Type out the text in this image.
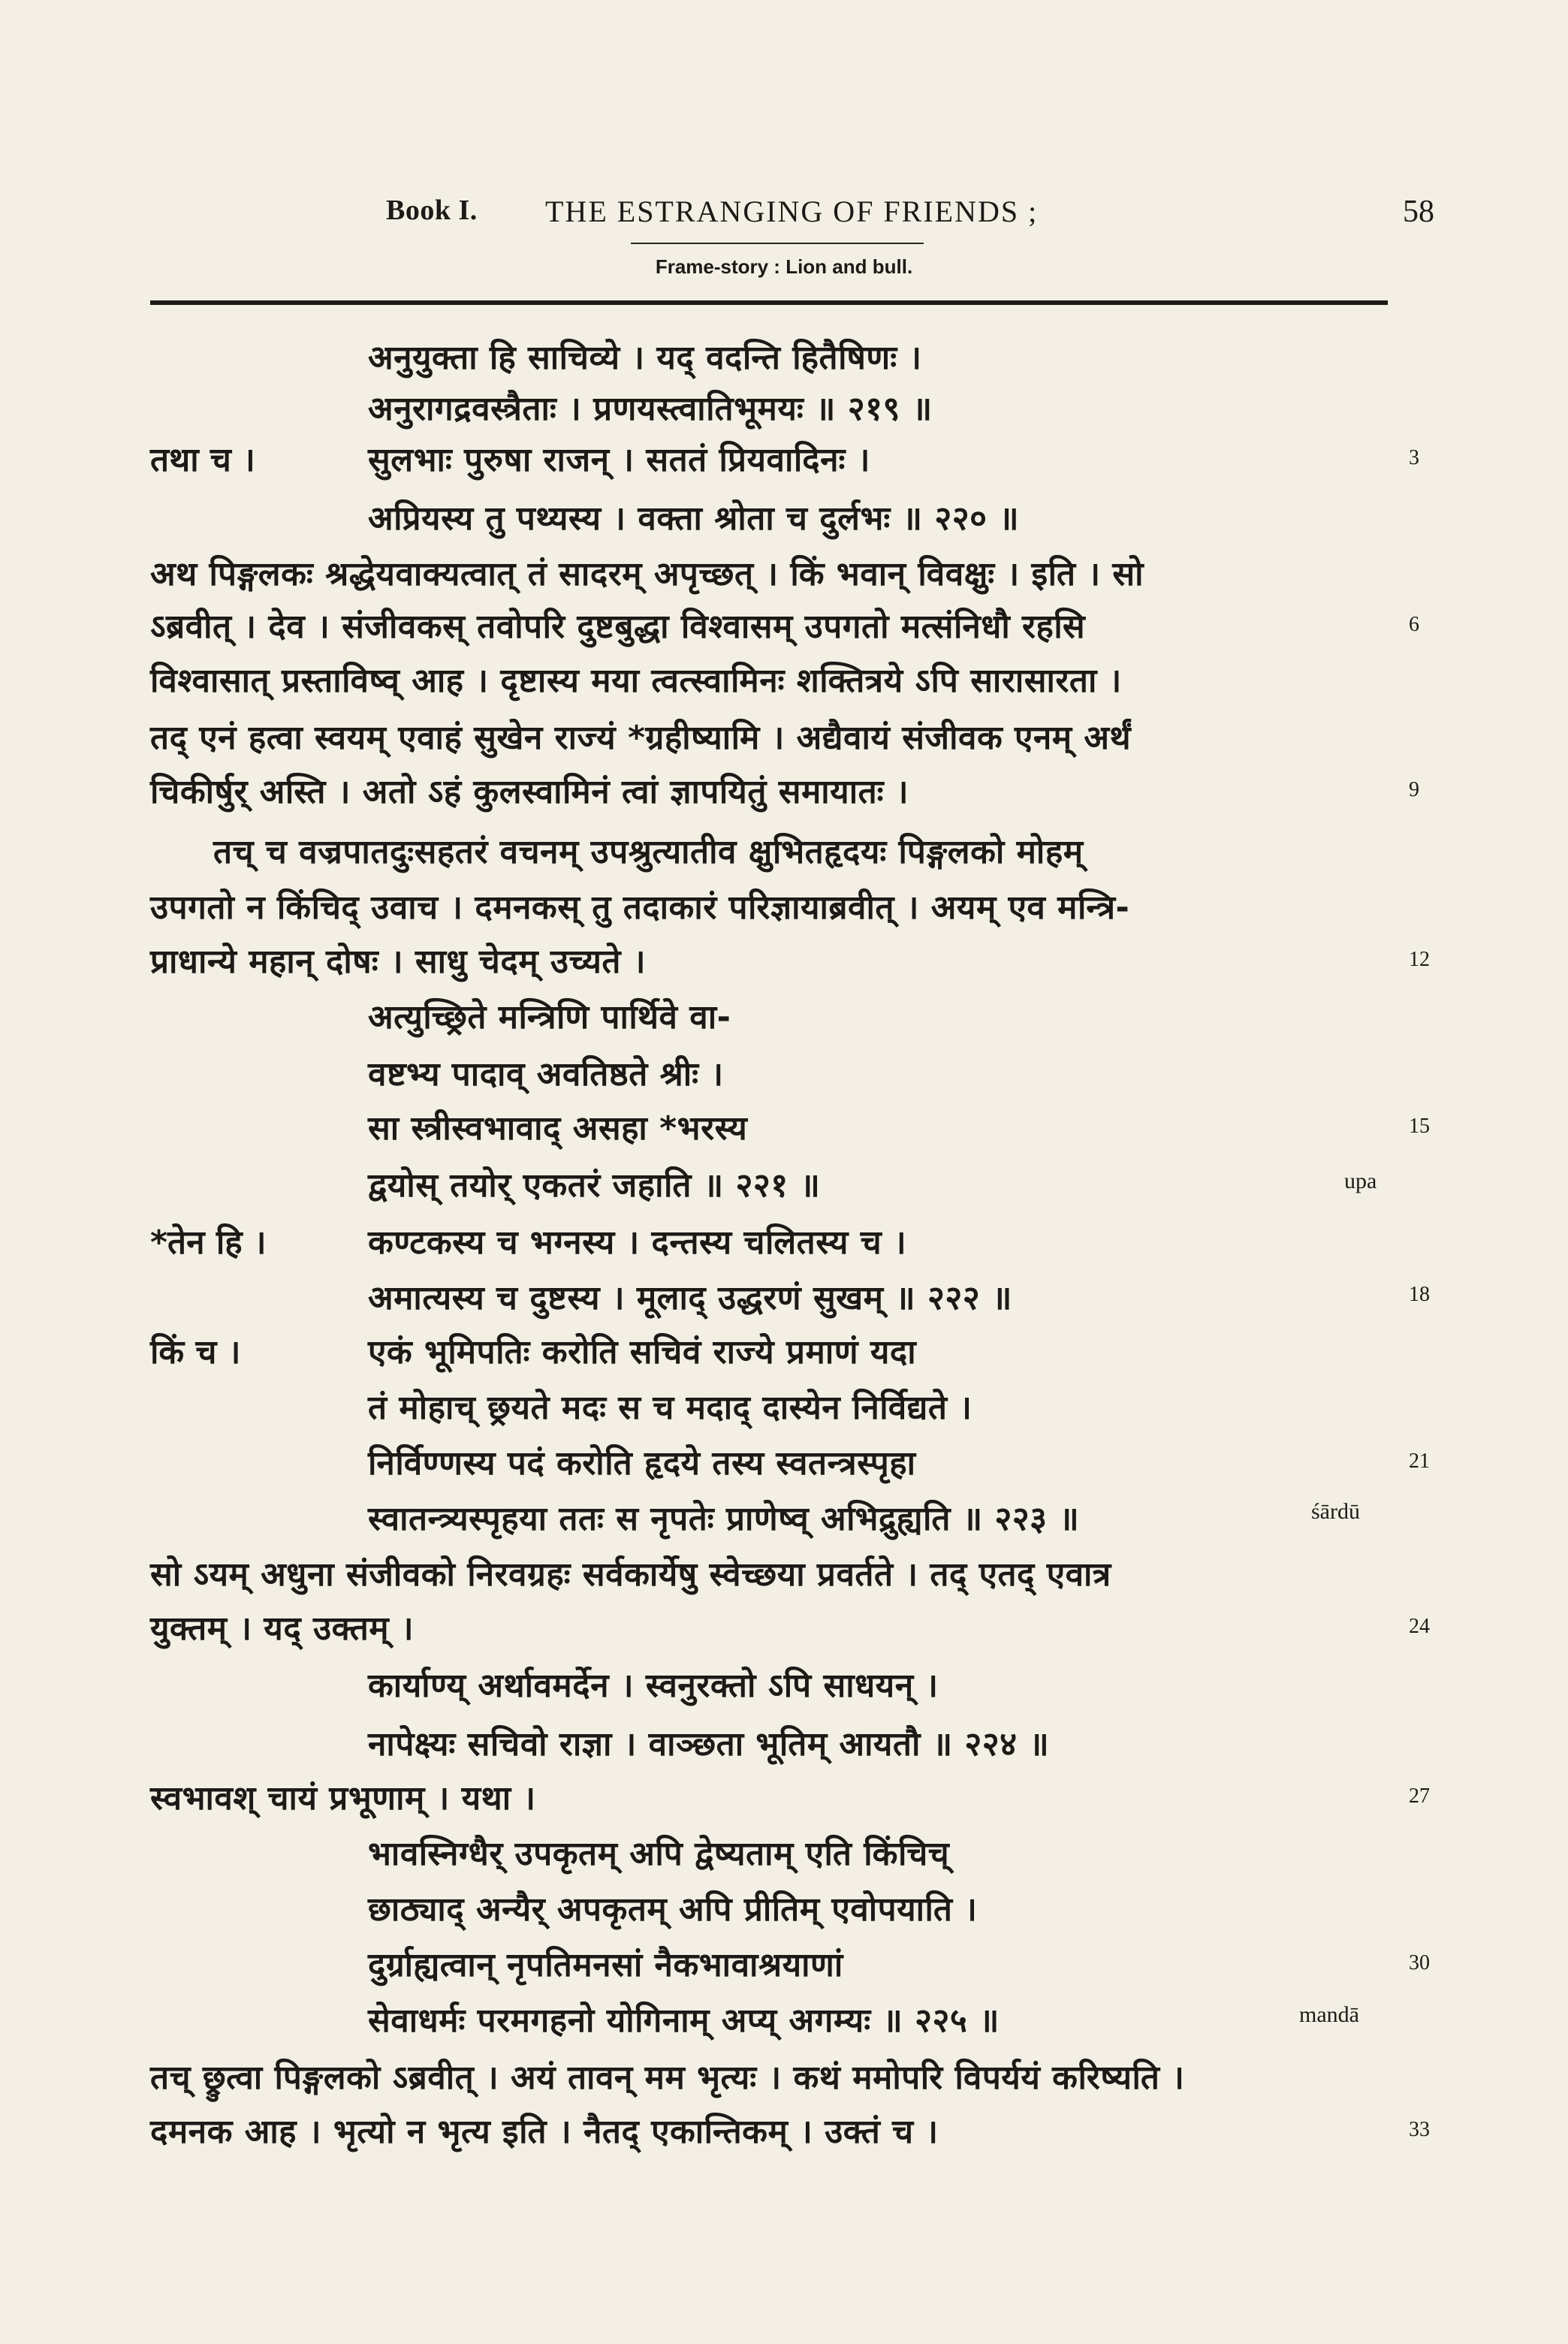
Book I. THE ESTRANGING OF FRIENDS ;	58
Frame-story : Lion and bull.
अनुयुक्ता हि साचिव्ये । यद् वदन्ति हितैषिणः ।
अनुरागद्रवस्त्रैताः । प्रणयस्त्वातिभूमयः ॥ २१९ ॥
सुलभाः पुरुषा राजन् । सततं प्रियवादिनः ।
अप्रियस्य तु पथ्यस्य । वक्ता श्रोता च दुर्लभः ॥ २२० ॥
अथ पिङ्गलकः श्रद्धेयवाक्यत्वात् तं सादरम् अपृच्छत् । किं भवान् विवक्षुः । इति । सो
ऽब्रवीत् । देव । संजीवकस् तवोपरि दुष्टबुद्धा विश्वासम् उपगतो मत्संनिधौ रहसि
विश्वासात् प्रस्ताविष्व् आह । दृष्टास्य मया त्वत्स्वामिनः शक्तित्रये ऽपि सारासारता ।
तद् एनं हत्वा स्वयम् एवाहं सुखेन राज्यं *ग्रहीष्यामि । अद्यैवायं संजीवक एनम् अर्थं
चिकीर्षुर् अस्ति । अतो ऽहं कुलस्वामिनं त्वां ज्ञापयितुं समायातः ।
तच् च वज्रपातदुःसहतरं वचनम् उपश्रुत्यातीव क्षुभितहृदयः पिङ्गलको मोहम्
उपगतो न किंचिद् उवाच । दमनकस् तु तदाकारं परिज्ञायाब्रवीत् । अयम् एव मन्त्रि-
प्राधान्ये महान् दोषः । साधु चेदम् उच्यते ।
अत्युच्छ्रिते मन्त्रिणि पार्थिवे वा-
वष्टभ्य पादाव् अवतिष्ठते श्रीः ।
सा स्त्रीस्वभावाद् असहा *भरस्य
द्वयोस् तयोर् एकतरं जहाति ॥ २२१ ॥
कण्टकस्य च भग्नस्य । दन्तस्य चलितस्य च ।
अमात्यस्य च दुष्टस्य । मूलाद् उद्धरणं सुखम् ॥ २२२ ॥
एकं भूमिपतिः करोति सचिवं राज्ये प्रमाणं यदा
तं मोहाच् छ्रयते मदः स च मदाद् दास्येन निर्विद्यते ।
निर्विण्णस्य पदं करोति हृदये तस्य स्वतन्त्रस्पृहा
स्वातन्त्र्यस्पृहया ततः स नृपतेः प्राणेष्व् अभिद्रुह्यति ॥ २२३ ॥
सो ऽयम् अधुना संजीवको निरवग्रहः सर्वकार्येषु स्वेच्छया प्रवर्तते । तद् एतद् एवात्र
युक्तम् । यद् उक्तम् ।
कार्याण्य् अर्थावमर्देन । स्वनुरक्तो ऽपि साधयन् ।
नापेक्ष्यः सचिवो राज्ञा । वाञ्छता भूतिम् आयतौ ॥ २२४ ॥
स्वभावश् चायं प्रभूणाम् । यथा ।
भावस्निग्धैर् उपकृतम् अपि द्वेष्यताम् एति किंचिच्
छाठ्याद् अन्यैर् अपकृतम् अपि प्रीतिम् एवोपयाति ।
दुर्ग्राह्यत्वान् नृपतिमनसां नैकभावाश्रयाणां
सेवाधर्मः परमगहनो योगिनाम् अप्य् अगम्यः ॥ २२५ ॥
तच् छ्रुत्वा पिङ्गलको ऽब्रवीत् । अयं तावन् मम भृत्यः । कथं ममोपरि विपर्ययं करिष्यति ।
दमनक आह । भृत्यो न भृत्य इति । नैतद् एकान्तिकम् । उक्तं च ।
तथा च ।
*तेन हि ।
किं च ।
3
6
9
12
15
18
21
24
27
30
33
upa
śārdū
mandā
